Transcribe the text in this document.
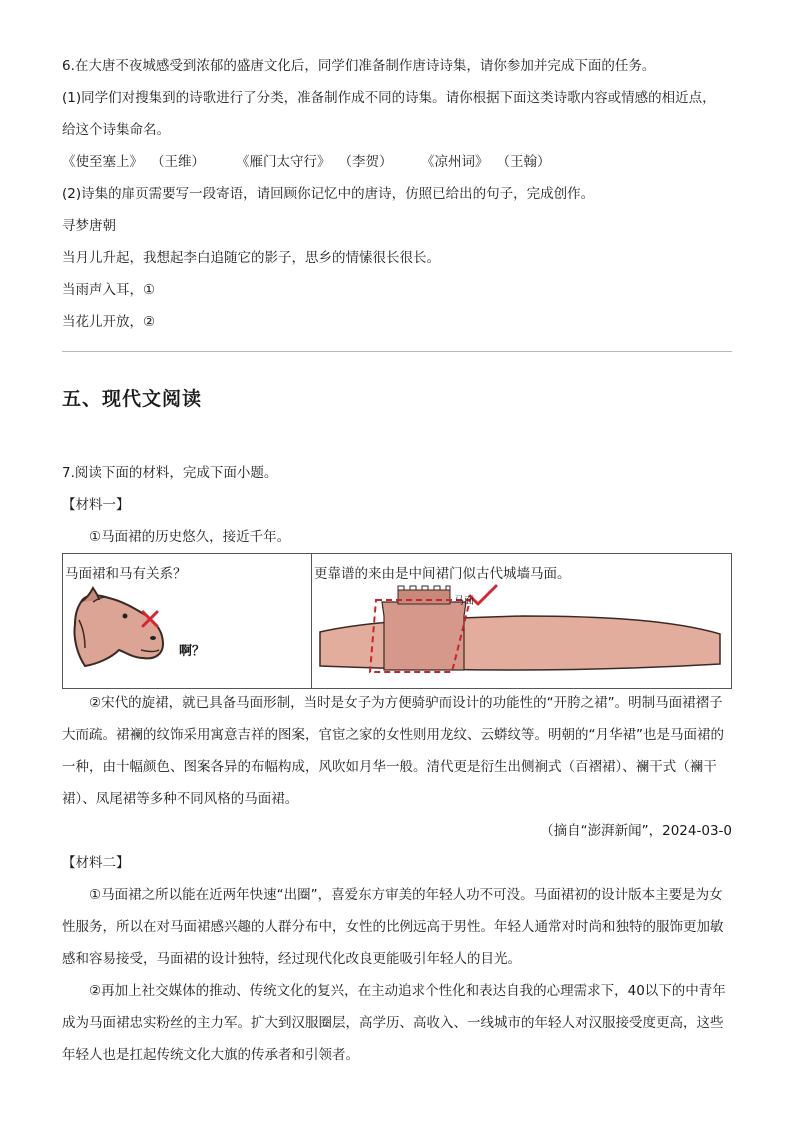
6.在大唐不夜城感受到浓郁的盛唐文化后，同学们准备制作唐诗诗集，请你参加并完成下面的任务。
(1)同学们对搜集到的诗歌进行了分类，准备制作成不同的诗集。请你根据下面这类诗歌内容或情感的相近点，
给这个诗集命名。
《使至塞上》 （王维） 《雁门太守行》 （李贺） 《凉州词》 （王翰）
(2)诗集的扉页需要写一段寄语，请回顾你记忆中的唐诗，仿照已给出的句子，完成创作。
寻梦唐朝
当月儿升起，我想起李白追随它的影子，思乡的情愫很长很长。
当雨声入耳，①
当花儿开放，②
五、现代文阅读
7.阅读下面的材料，完成下面小题。
【材料一】
①马面裙的历史悠久，接近千年。
马面裙和马有关系？
啊？

更靠谱的来由是中间裙门似古代城墙马面。
马面
②宋代的旋裙，就已具备马面形制，当时是女子为方便骑驴而设计的功能性的“开胯之裙”。明制马面裙褶子大而疏。裙襕的纹饰采用寓意吉祥的图案，官宦之家的女性则用龙纹、云蟒纹等。明朝的“月华裙”也是马面裙的一种，由十幅颜色、图案各异的布幅构成，风吹如月华一般。清代更是衍生出侧裥式（百褶裙）、襕干式（襕干裙）、凤尾裙等多种不同风格的马面裙。
（摘自“澎湃新闻”，2024-03-0
【材料二】
①马面裙之所以能在近两年快速“出圈”，喜爱东方审美的年轻人功不可没。马面裙初的设计版本主要是为女性服务，所以在对马面裙感兴趣的人群分布中，女性的比例远高于男性。年轻人通常对时尚和独特的服饰更加敏感和容易接受，马面裙的设计独特，经过现代化改良更能吸引年轻人的目光。
②再加上社交媒体的推动、传统文化的复兴，在主动追求个性化和表达自我的心理需求下，40以下的中青年成为马面裙忠实粉丝的主力军。扩大到汉服圈层，高学历、高收入、一线城市的年轻人对汉服接受度更高，这些年轻人也是扛起传统文化大旗的传承者和引领者。
